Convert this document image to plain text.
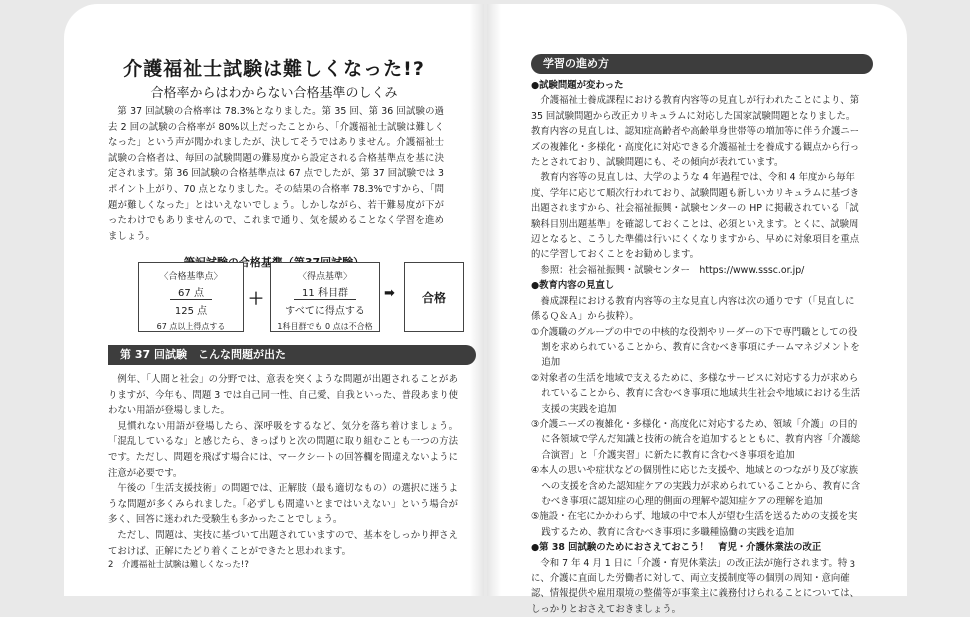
介護福祉士試験は難しくなった!?
合格率からはわからない合格基準のしくみ

第 37 回試験の合格率は 78.3%となりました。第 35 回、第 36 回試験の過去 2 回の試験の合格率が 80%以上だったことから、「介護福祉士試験は難しくなった」という声が聞かれましたが、決してそうではありません。介護福祉士試験の合格者は、毎回の試験問題の難易度から設定される合格基準点を基に決定されます。第 36 回試験の合格基準点は 67 点でしたが、第 37 回試験では 3 ポイント上がり、70 点となりました。その結果の合格率 78.3%ですから、「問題が難しくなった」とはいえないでしょう。しかしながら、若干難易度が下がったわけでもありませんので、これまで通り、気を緩めることなく学習を進めましょう。

〈合格基準点〉
67 点
125 点
67 点以上得点する
＋
〈得点基準〉
11 科目群
すべてに得点する
1科目群でも 0 点は不合格
➡	合格
第 37 回試験　こんな問題が出た

例年、「人間と社会」の分野では、意表を突くような問題が出題されることがありますが、今年も、問題 3 では自己同一性、自己愛、自我といった、普段あまり使わない用語が登場しました。

見慣れない用語が登場したら、深呼吸をするなど、気分を落ち着けましょう。「混乱しているな」と感じたら、きっぱりと次の問題に取り組むことも一つの方法です。ただし、問題を飛ばす場合には、マークシートの回答欄を間違えないように注意が必要です。

午後の「生活支援技術」の問題では、正解肢（最も適切なもの）の選択に迷うような問題が多くみられました。「必ずしも間違いとまではいえない」という場合が多く、回答に迷われた受験生も多かったことでしょう。

ただし、問題は、実技に基づいて出題されていますので、基本をしっかり押さえておけば、正解にたどり着くことができたと思われます。

2　介護福祉士試験は難しくなった!?
学習の進め方
●試験問題が変わった
介護福祉士養成課程における教育内容等の見直しが行われたことにより、第 35 回試験問題から改正カリキュラムに対応した国家試験問題となりました。教育内容の見直しは、認知症高齢者や高齢単身世帯等の増加等に伴う介護ニーズの複雑化・多様化・高度化に対応できる介護福祉士を養成する観点から行ったとされており、試験問題にも、その傾向が表れています。
教育内容等の見直しは、大学のような 4 年過程では、令和 4 年度から毎年度、学年に応じて順次行われており、試験問題も新しいカリキュラムに基づき出題されますから、社会福祉振興・試験センターの HP に掲載されている「試験科目別出題基準」を確認しておくことは、必須といえます。とくに、試験周辺となると、こうした準備は行いにくくなりますから、早めに対象項目を重点的に学習しておくことをお勧めします。
参照：社会福祉振興・試験センター　https://www.sssc.or.jp/
●教育内容の見直し
養成課程における教育内容等の主な見直し内容は次の通りです（「見直しに係るＱ＆Ａ」から抜粋）。
①介護職のグループの中での中核的な役割やリーダーの下で専門職としての役割を求められていることから、教育に含むべき事項にチームマネジメントを追加
②対象者の生活を地域で支えるために、多様なサービスに対応する力が求められていることから、教育に含むべき事項に地域共生社会や地域における生活支援の実践を追加
③介護ニーズの複雑化・多様化・高度化に対応するため、領域「介護」の目的に各領域で学んだ知識と技術の統合を追加するとともに、教育内容「介護総合演習」と「介護実習」に新たに教育に含むべき事項を追加
④本人の思いや症状などの個別性に応じた支援や、地域とのつながり及び家族への支援を含めた認知症ケアの実践力が求められていることから、教育に含むべき事項に認知症の心理的側面の理解や認知症ケアの理解を追加
⑤施設・在宅にかかわらず、地域の中で本人が望む生活を送るための支援を実践するため、教育に含むべき事項に多職種協働の実践を追加
●第 38 回試験のためにおさえておこう！　育児・介護休業法の改正
令和 7 年 4 月 1 日に「介護・育児休業法」の改正法が施行されます。特に、介護に直面した労働者に対して、両立支援制度等の個別の周知・意向確認、情報提供や雇用環境の整備等が事業主に義務付けられることについては、しっかりとおさえておきましょう。
3
